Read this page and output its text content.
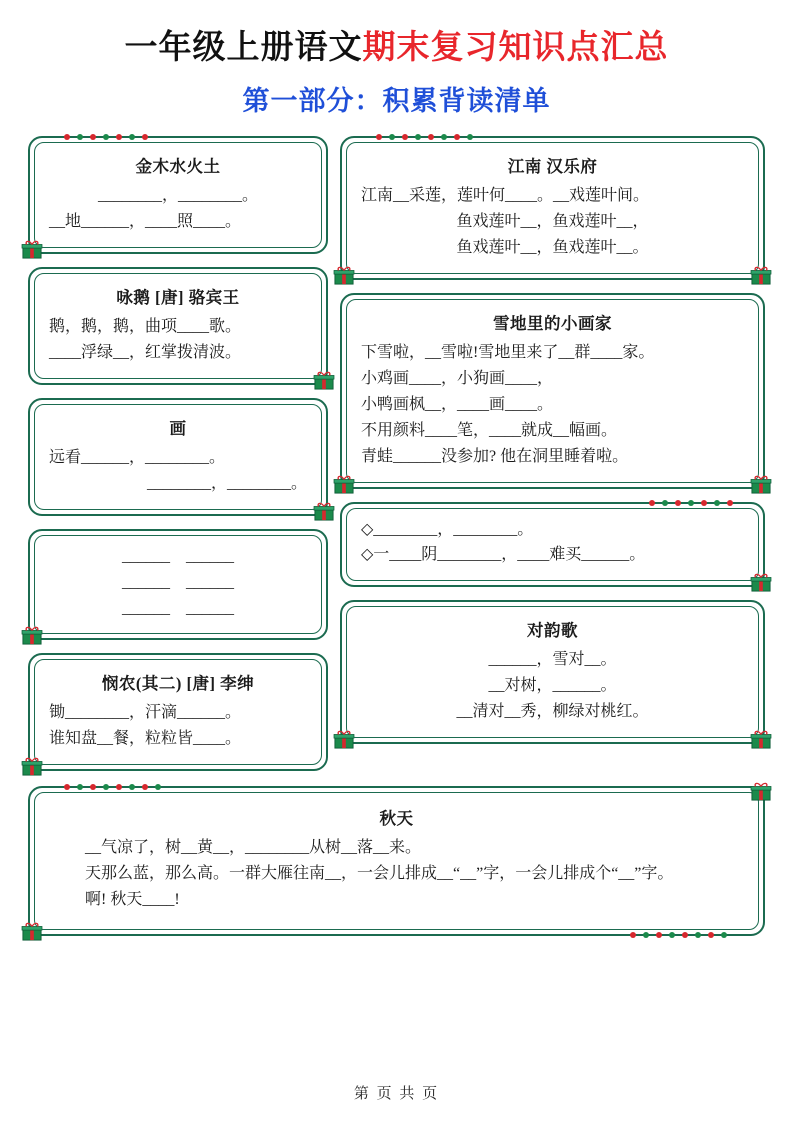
一年级上册语文期末复习知识点汇总
第一部分：积累背读清单
金木水火土
________，________。
__地______，____照____。
咏鹅 [唐] 骆宾王
鹅，鹅，鹅，曲项____歌。
____浮绿__，红掌拨清波。
画
远看______，________。
________，________。
______    ______
______    ______
______    ______
悯农(其二) [唐] 李绅
锄________，汗滴______。
谁知盘__餐，粒粒皆____。
江南 汉乐府
江南__采莲，莲叶何____。__戏莲叶间。
鱼戏莲叶__，鱼戏莲叶__，
鱼戏莲叶__，鱼戏莲叶__。
雪地里的小画家
下雪啦，__雪啦!雪地里来了__群____家。
小鸡画____，小狗画____，
小鸭画枫__，____画____。
不用颜料____笔，____就成__幅画。
青蛙______没参加? 他在洞里睡着啦。
◇________，________。
◇一____阴________，____难买______。
对韵歌
______，雪对__。
__对树，______。
__清对__秀，柳绿对桃红。
秋天
__气凉了，树__黄__，________从树__落__来。
天那么蓝，那么高。一群大雁往南__，一会儿排成__“__”字，一会儿排成个“__”字。
啊! 秋天____!
第 页 共 页
